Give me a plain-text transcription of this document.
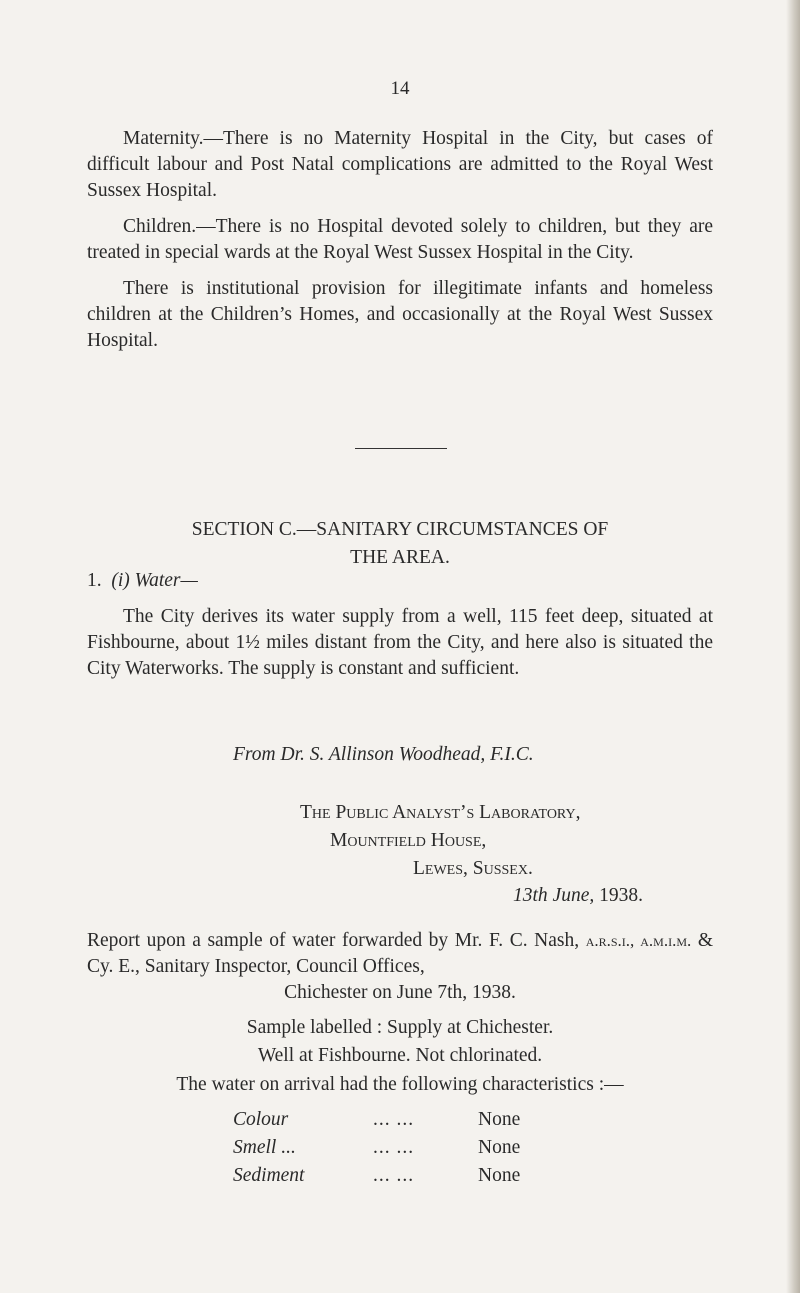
14

Maternity.—There is no Maternity Hospital in the City, but cases of difficult labour and Post Natal complications are admitted to the Royal West Sussex Hospital.

Children.—There is no Hospital devoted solely to children, but they are treated in special wards at the Royal West Sussex Hospital in the City.

There is institutional provision for illegitimate infants and homeless children at the Children’s Homes, and occasionally at the Royal West Sussex Hospital.

SECTION C.—SANITARY CIRCUMSTANCES OF
THE AREA.
1. (i) Water—

The City derives its water supply from a well, 115 feet deep, situated at Fishbourne, about 1½ miles distant from the City, and here also is situated the City Waterworks. The supply is constant and sufficient.

From Dr. S. Allinson Woodhead, F.I.C.
The Public Analyst’s Laboratory,
Mountfield House,
Lewes, Sussex.
13th June, 1938.
Report upon a sample of water forwarded by Mr. F. C. Nash, a.r.s.i., a.m.i.m. & Cy. E., Sanitary Inspector, Council Offices,
Chichester on June 7th, 1938.
Sample labelled : Supply at Chichester.
Well at Fishbourne. Not chlorinated.
The water on arrival had the following characteristics :—
Colour	... ...	None
Smell ...	... ...	None
Sediment	... ...	None
